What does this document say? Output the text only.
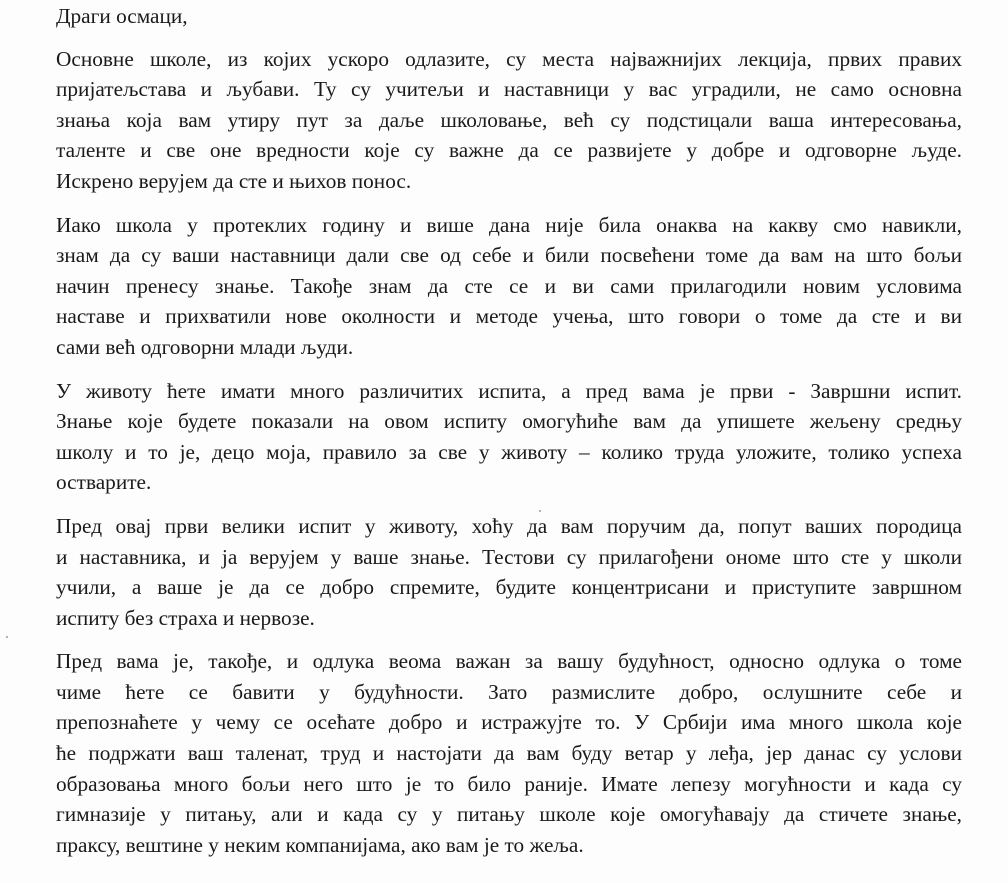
Драги осмаци,

Основне школе, из којих ускоро одлазите, су места најважнијих лекција, првих правих
пријатељстава и љубави. Ту су учитељи и наставници у вас уградили, не само основна
знања која вам утиру пут за даље школовање, већ су подстицали ваша интересовања,
таленте и све оне вредности које су важне да се развијете у добре и одговорне људе.
Искрено верујем да сте и њихов понос.

Иако школа у протеклих годину и више дана није била онаква на какву смо навикли,
знам да су ваши наставници дали све од себе и били посвећени томе да вам на што бољи
начин пренесу знање. Такође знам да сте се и ви сами прилагодили новим условима
наставе и прихватили нове околности и методе учења, што говори о томе да сте и ви
сами већ одговорни млади људи.

У животу ћете имати много различитих испита, а пред вама је први - Завршни испит.
Знање које будете показали на овом испиту омогућиће вам да упишете жељену средњу
школу и то је, децо моја, правило за све у животу – колико труда уложите, толико успеха
остварите.

Пред овај први велики испит у животу, хоћу да вам поручим да, попут ваших породица
и наставника, и ја верујем у ваше знање. Тестови су прилагођени ономе што сте у школи
учили, а ваше је да се добро спремите, будите концентрисани и приступите завршном
испиту без страха и нервозе.

Пред вама је, такође, и одлука веома важан за вашу будућност, односно одлука о томе
чиме ћете се бавити у будућности. Зато размислите добро, ослушните себе и
препознаћете у чему се осећате добро и истражујте то. У Србији има много школа које
ће подржати ваш таленат, труд и настојати да вам буду ветар у леђа, јер данас су услови
образовања много бољи него што је то било раније. Имате лепезу могућности и када су
гимназије у питању, али и када су у питању школе које омогућавају да стичете знање,
праксу, вештине у неким компанијама, ако вам је то жеља.
